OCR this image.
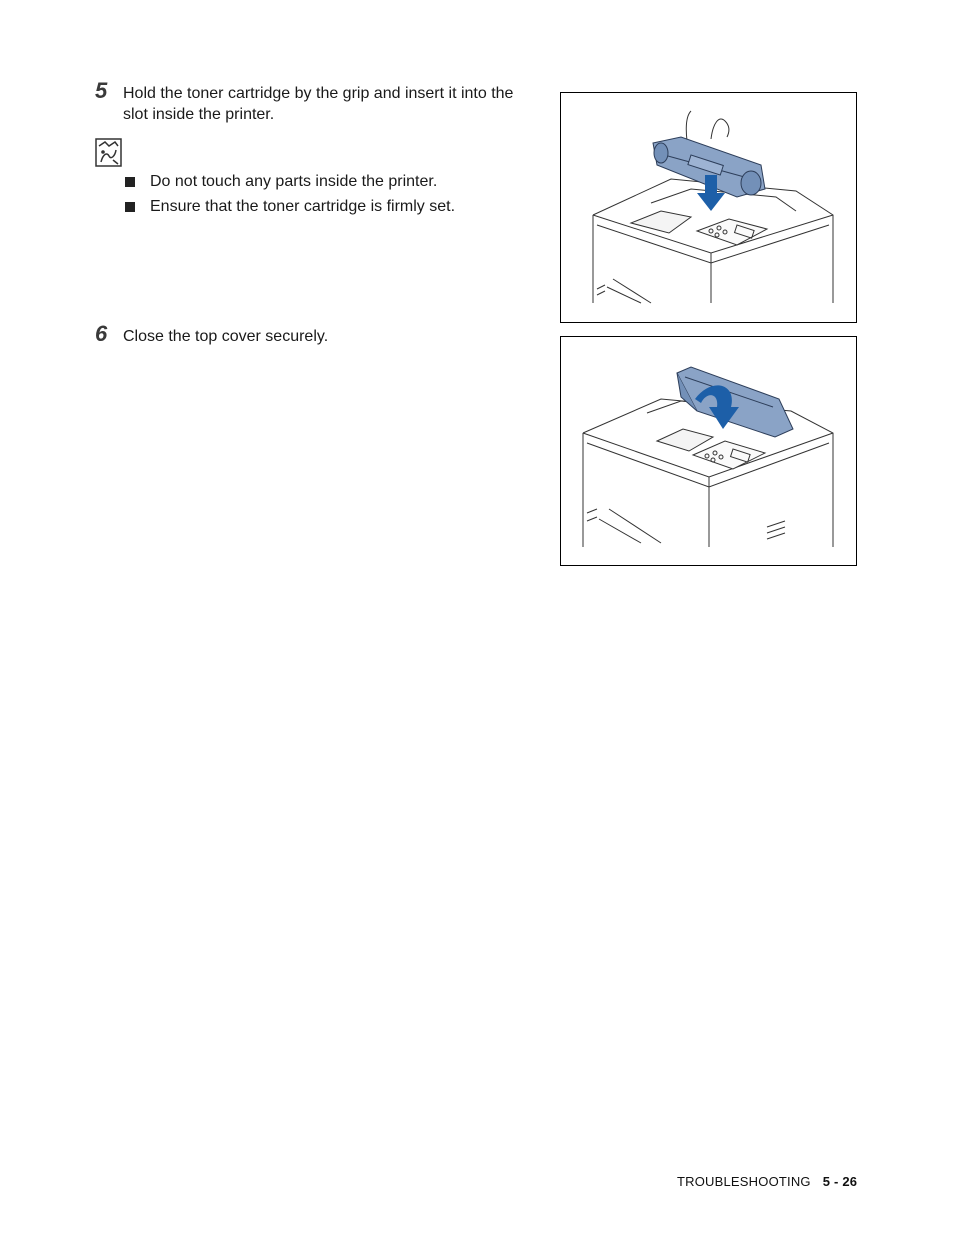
5 Hold the toner cartridge by the grip and insert it into the
slot inside the printer.
Do not touch any parts inside the printer.
Ensure that the toner cartridge is firmly set.
6 Close the top cover securely.
TROUBLESHOOTING 5 - 26
